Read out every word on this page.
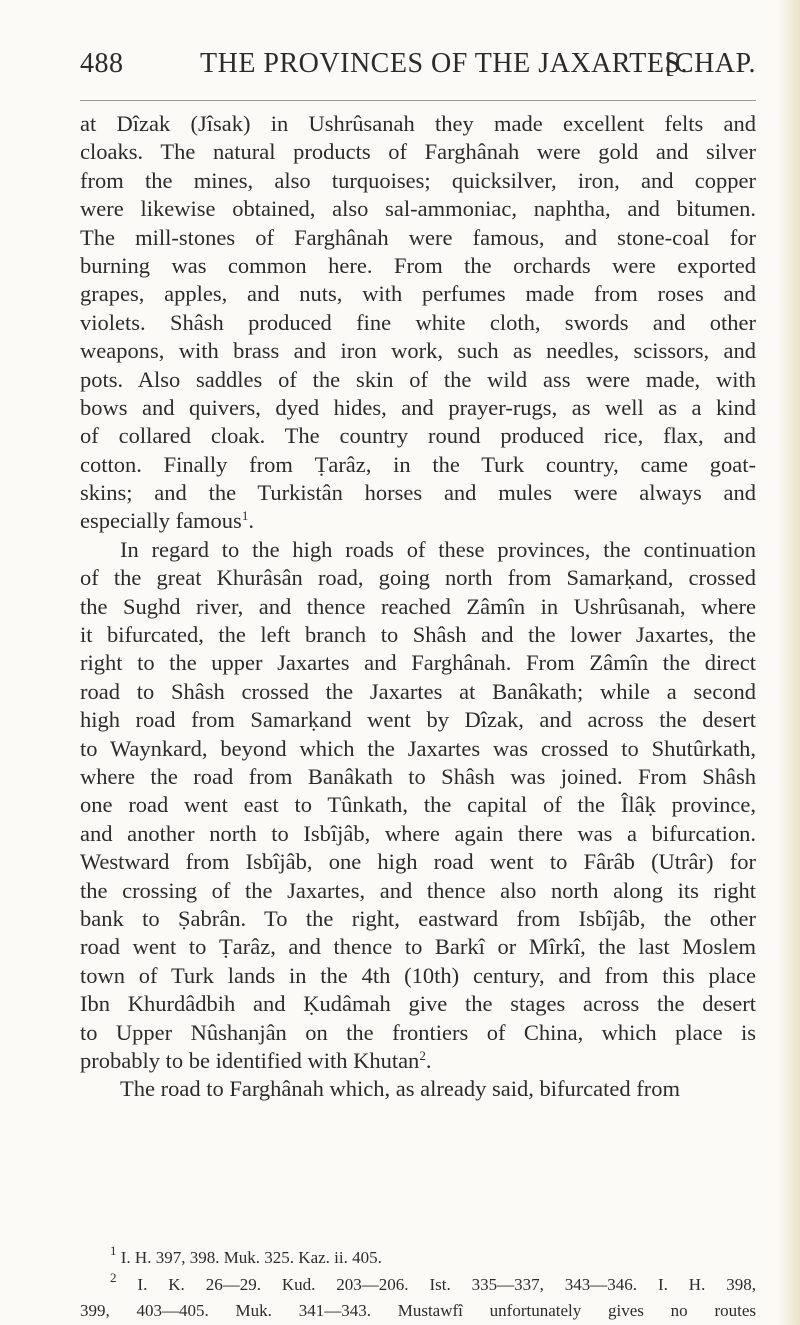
488	THE PROVINCES OF THE JAXARTES.
[CHAP.
at Dîzak (Jîsak) in Ushrûsanah they made excellent felts and
cloaks. The natural products of Farghânah were gold and silver
from the mines, also turquoises; quicksilver, iron, and copper
were likewise obtained, also sal-ammoniac, naphtha, and bitumen.
The mill-stones of Farghânah were famous, and stone-coal for
burning was common here. From the orchards were exported
grapes, apples, and nuts, with perfumes made from roses and
violets. Shâsh produced fine white cloth, swords and other
weapons, with brass and iron work, such as needles, scissors, and
pots. Also saddles of the skin of the wild ass were made, with
bows and quivers, dyed hides, and prayer-rugs, as well as a kind
of collared cloak. The country round produced rice, flax, and
cotton. Finally from Ṭarâz, in the Turk country, came goat-
skins; and the Turkistân horses and mules were always and
especially famous$^1$.
In regard to the high roads of these provinces, the continuation
of the great Khurâsân road, going north from Samarḳand, crossed
the Sughd river, and thence reached Zâmîn in Ushrûsanah, where
it bifurcated, the left branch to Shâsh and the lower Jaxartes, the
right to the upper Jaxartes and Farghânah. From Zâmîn the direct
road to Shâsh crossed the Jaxartes at Banâkath; while a second
high road from Samarḳand went by Dîzak, and across the desert
to Waynkard, beyond which the Jaxartes was crossed to Shutûrkath,
where the road from Banâkath to Shâsh was joined. From Shâsh
one road went east to Tûnkath, the capital of the Îlâḳ province,
and another north to Isbîjâb, where again there was a bifurcation.
Westward from Isbîjâb, one high road went to Fârâb (Utrâr) for
the crossing of the Jaxartes, and thence also north along its right
bank to Ṣabrân. To the right, eastward from Isbîjâb, the other
road went to Ṭarâz, and thence to Barkî or Mîrkî, the last Moslem
town of Turk lands in the 4th (10th) century, and from this place
Ibn Khurdâdbih and Ḳudâmah give the stages across the desert
to Upper Nûshanjân on the frontiers of China, which place is
probably to be identified with Khutan$^2$.
The road to Farghânah which, as already said, bifurcated from
$^1$ I. H. 397, 398. Muk. 325. Kaz. ii. 405.
$^2$ I. K. 26—29. Kud. 203—206. Ist. 335—337, 343—346. I. H. 398,
399, 403—405. Muk. 341—343. Mustawfî unfortunately gives no routes
